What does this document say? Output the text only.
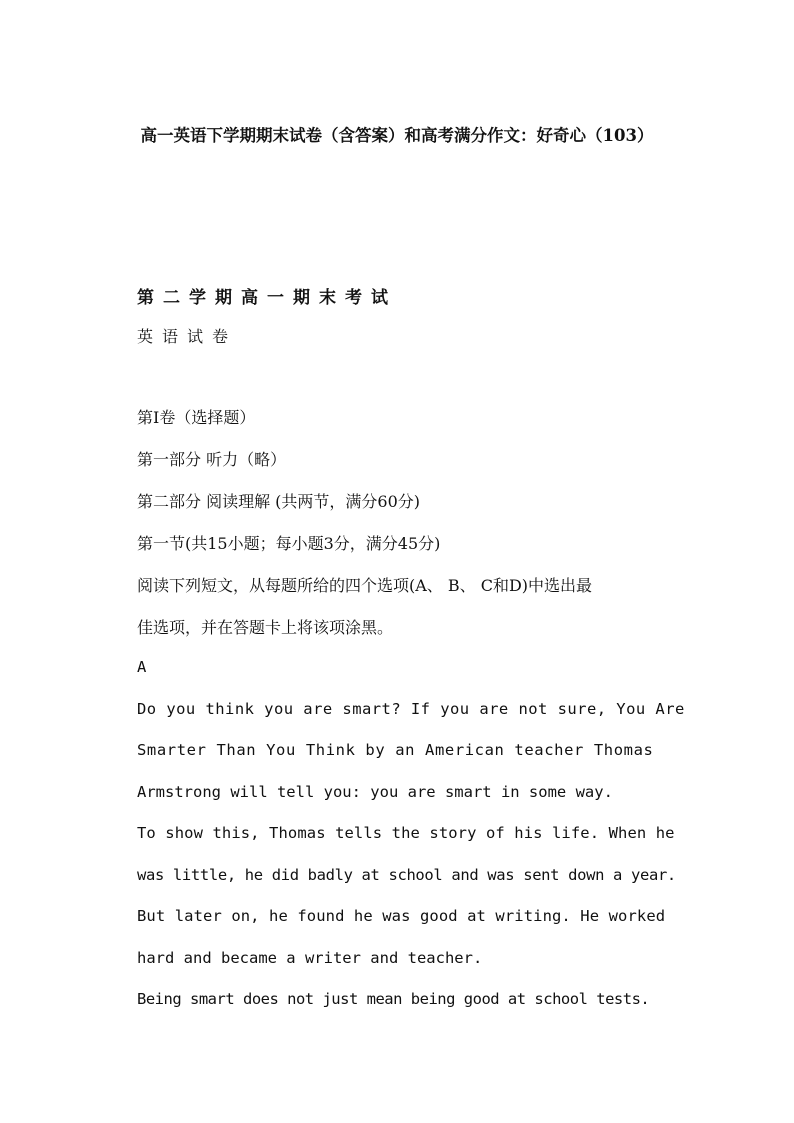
高一英语下学期期末试卷（含答案）和高考满分作文：好奇心（103）
第二学期高一期末考试
英语试卷
第Ⅰ卷（选择题）
第一部分 听力（略）
第二部分 阅读理解 (共两节，满分60分)
第一节(共15小题；每小题3分，满分45分)
阅读下列短文，从每题所给的四个选项(A、 B、 C和D)中选出最
佳选项，并在答题卡上将该项涂黑。
A
Do you think you are smart? If you are not sure, You Are
Smarter Than You Think by an American teacher Thomas
Armstrong will tell you: you are smart in some way.
To show this, Thomas tells the story of his life. When he
was little, he did badly at school and was sent down a year.
But later on, he found he was good at writing. He worked
hard and became a writer and teacher.
Being smart does not just mean being good at school tests.
